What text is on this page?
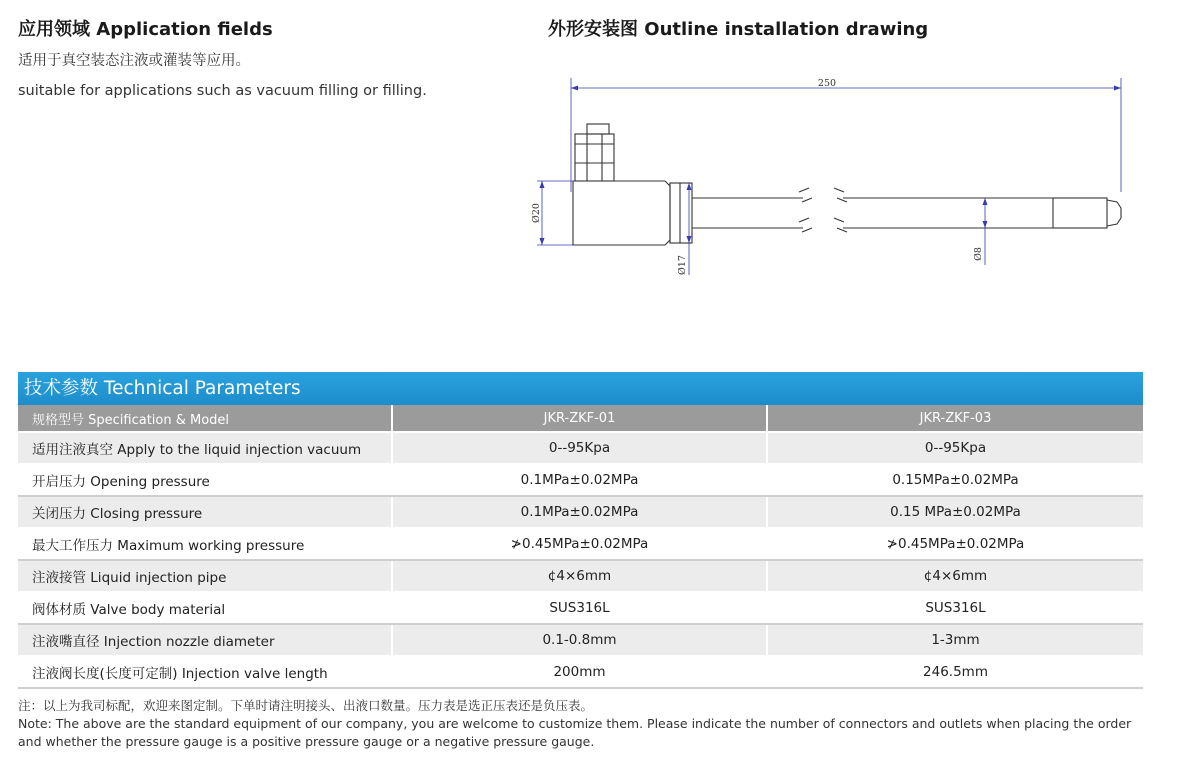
应用领域 Application fields
适用于真空装态注液或灌装等应用。
suitable for applications such as vacuum filling or filling.
外形安装图 Outline installation drawing
250
Ø20
Ø17
Ø8
技术参数 Technical Parameters
规格型号 Specification & Model	JKR-ZKF-01	JKR-ZKF-03
适用注液真空 Apply to the liquid injection vacuum	0--95Kpa	0--95Kpa
开启压力 Opening pressure	0.1MPa±0.02MPa	0.15MPa±0.02MPa
关闭压力 Closing pressure	0.1MPa±0.02MPa	0.15 MPa±0.02MPa
最大工作压力 Maximum working pressure	≯0.45MPa±0.02MPa	≯0.45MPa±0.02MPa
注液接管 Liquid injection pipe	¢4×6mm	¢4×6mm
阀体材质 Valve body material	SUS316L	SUS316L
注液嘴直径 Injection nozzle diameter	0.1-0.8mm	1-3mm
注液阀长度(长度可定制) Injection valve length	200mm	246.5mm
注：以上为我司标配，欢迎来图定制。下单时请注明接头、出液口数量。压力表是选正压表还是负压表。
Note: The above are the standard equipment of our company, you are welcome to customize them. Please indicate the number of connectors and outlets when placing the order
and whether the pressure gauge is a positive pressure gauge or a negative pressure gauge.
